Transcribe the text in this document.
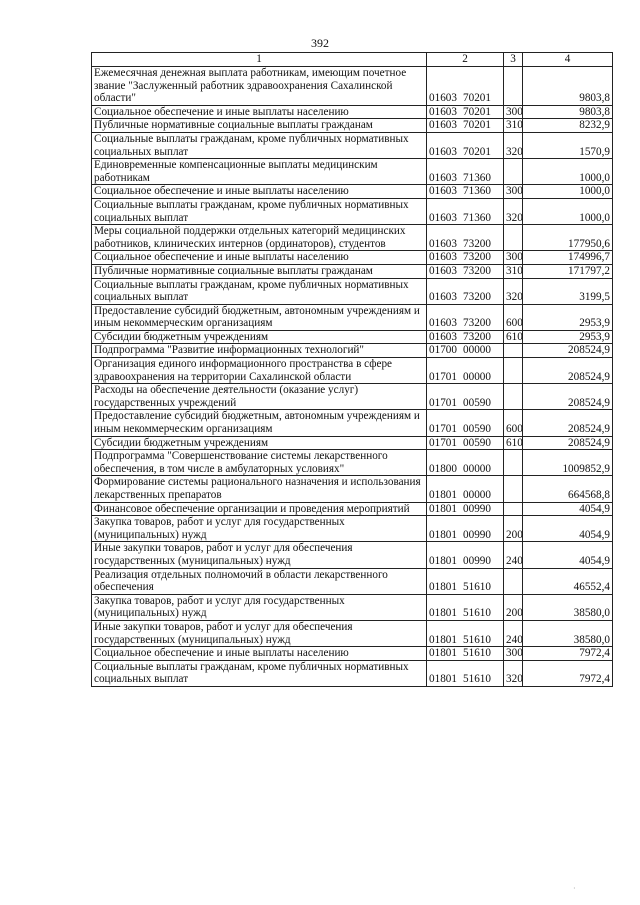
392
1	2	3	4
Ежемесячная денежная выплата работникам, имеющим почетное звание "Заслуженный работник здравоохранения Сахалинской области"	01603 70201		9803,8
Социальное обеспечение и иные выплаты населению	01603 70201	300	9803,8
Публичные нормативные социальные выплаты гражданам	01603 70201	310	8232,9
Социальные выплаты гражданам, кроме публичных нормативных социальных выплат	01603 70201	320	1570,9
Единовременные компенсационные выплаты медицинским работникам	01603 71360		1000,0
Социальное обеспечение и иные выплаты населению	01603 71360	300	1000,0
Социальные выплаты гражданам, кроме публичных нормативных социальных выплат	01603 71360	320	1000,0
Меры социальной поддержки отдельных категорий медицинских работников, клинических интернов (ординаторов), студентов	01603 73200		177950,6
Социальное обеспечение и иные выплаты населению	01603 73200	300	174996,7
Публичные нормативные социальные выплаты гражданам	01603 73200	310	171797,2
Социальные выплаты гражданам, кроме публичных нормативных социальных выплат	01603 73200	320	3199,5
Предоставление субсидий бюджетным, автономным учреждениям и иным некоммерческим организациям	01603 73200	600	2953,9
Субсидии бюджетным учреждениям	01603 73200	610	2953,9
Подпрограмма "Развитие информационных технологий"	01700 00000		208524,9
Организация единого информационного пространства в сфере здравоохранения на территории Сахалинской области	01701 00000		208524,9
Расходы на обеспечение деятельности (оказание услуг) государственных учреждений	01701 00590		208524,9
Предоставление субсидий бюджетным, автономным учреждениям и иным некоммерческим организациям	01701 00590	600	208524,9
Субсидии бюджетным учреждениям	01701 00590	610	208524,9
Подпрограмма "Совершенствование системы лекарственного обеспечения, в том числе в амбулаторных условиях"	01800 00000		1009852,9
Формирование системы рационального назначения и использования лекарственных препаратов	01801 00000		664568,8
Финансовое обеспечение организации и проведения мероприятий	01801 00990		4054,9
Закупка товаров, работ и услуг для государственных (муниципальных) нужд	01801 00990	200	4054,9
Иные закупки товаров, работ и услуг для обеспечения государственных (муниципальных) нужд	01801 00990	240	4054,9
Реализация отдельных полномочий в области лекарственного обеспечения	01801 51610		46552,4
Закупка товаров, работ и услуг для государственных (муниципальных) нужд	01801 51610	200	38580,0
Иные закупки товаров, работ и услуг для обеспечения государственных (муниципальных) нужд	01801 51610	240	38580,0
Социальное обеспечение и иные выплаты населению	01801 51610	300	7972,4
Социальные выплаты гражданам, кроме публичных нормативных социальных выплат	01801 51610	320	7972,4
·
